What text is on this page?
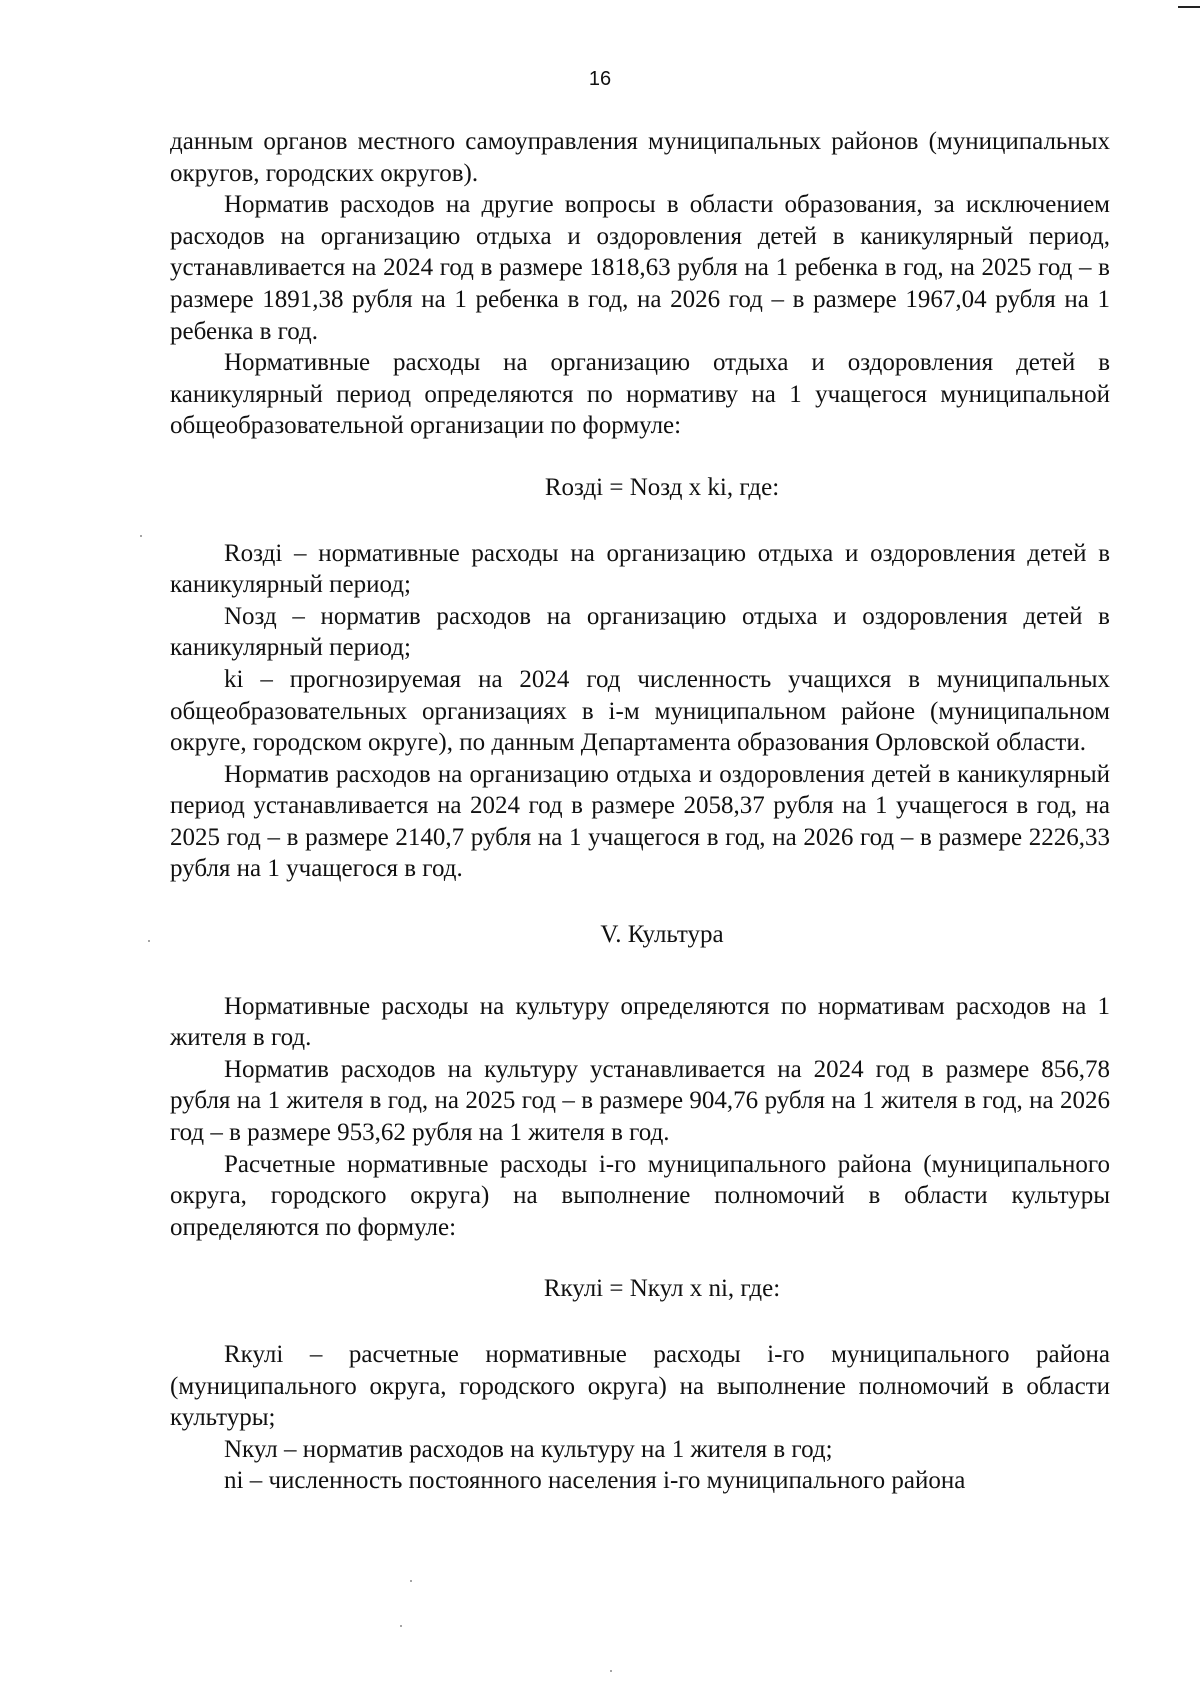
16

данным органов местного самоуправления муниципальных районов (муниципальных округов, городских округов).

Норматив расходов на другие вопросы в области образования, за исключением расходов на организацию отдыха и оздоровления детей в каникулярный период, устанавливается на 2024 год в размере 1818,63 рубля на 1 ребенка в год, на 2025 год – в размере 1891,38 рубля на 1 ребенка в год, на 2026 год – в размере 1967,04 рубля на 1 ребенка в год.

Нормативные расходы на организацию отдыха и оздоровления детей в каникулярный период определяются по нормативу на 1 учащегося муниципальной общеобразовательной организации по формуле:

Rоздi = Nозд x ki, где:

Rоздi – нормативные расходы на организацию отдыха и оздоровления детей в каникулярный период;

Nозд – норматив расходов на организацию отдыха и оздоровления детей в каникулярный период;

ki – прогнозируемая на 2024 год численность учащихся в муниципальных общеобразовательных организациях в i-м муниципальном районе (муниципальном округе, городском округе), по данным Департамента образования Орловской области.

Норматив расходов на организацию отдыха и оздоровления детей в каникулярный период устанавливается на 2024 год в размере 2058,37 рубля на 1 учащегося в год, на 2025 год – в размере 2140,7 рубля на 1 учащегося в год, на 2026 год – в размере 2226,33 рубля на 1 учащегося в год.

V. Культура

Нормативные расходы на культуру определяются по нормативам расходов на 1 жителя в год.

Норматив расходов на культуру устанавливается на 2024 год в размере 856,78 рубля на 1 жителя в год, на 2025 год – в размере 904,76 рубля на 1 жителя в год, на 2026 год – в размере 953,62 рубля на 1 жителя в год.

Расчетные нормативные расходы i-го муниципального района (муниципального округа, городского округа) на выполнение полномочий в области культуры определяются по формуле:

Rкулi = Nкул x ni, где:

Rкулi – расчетные нормативные расходы i-го муниципального района (муниципального округа, городского округа) на выполнение полномочий в области культуры;

Nкул – норматив расходов на культуру на 1 жителя в год;

ni – численность постоянного населения i-го муниципального района
